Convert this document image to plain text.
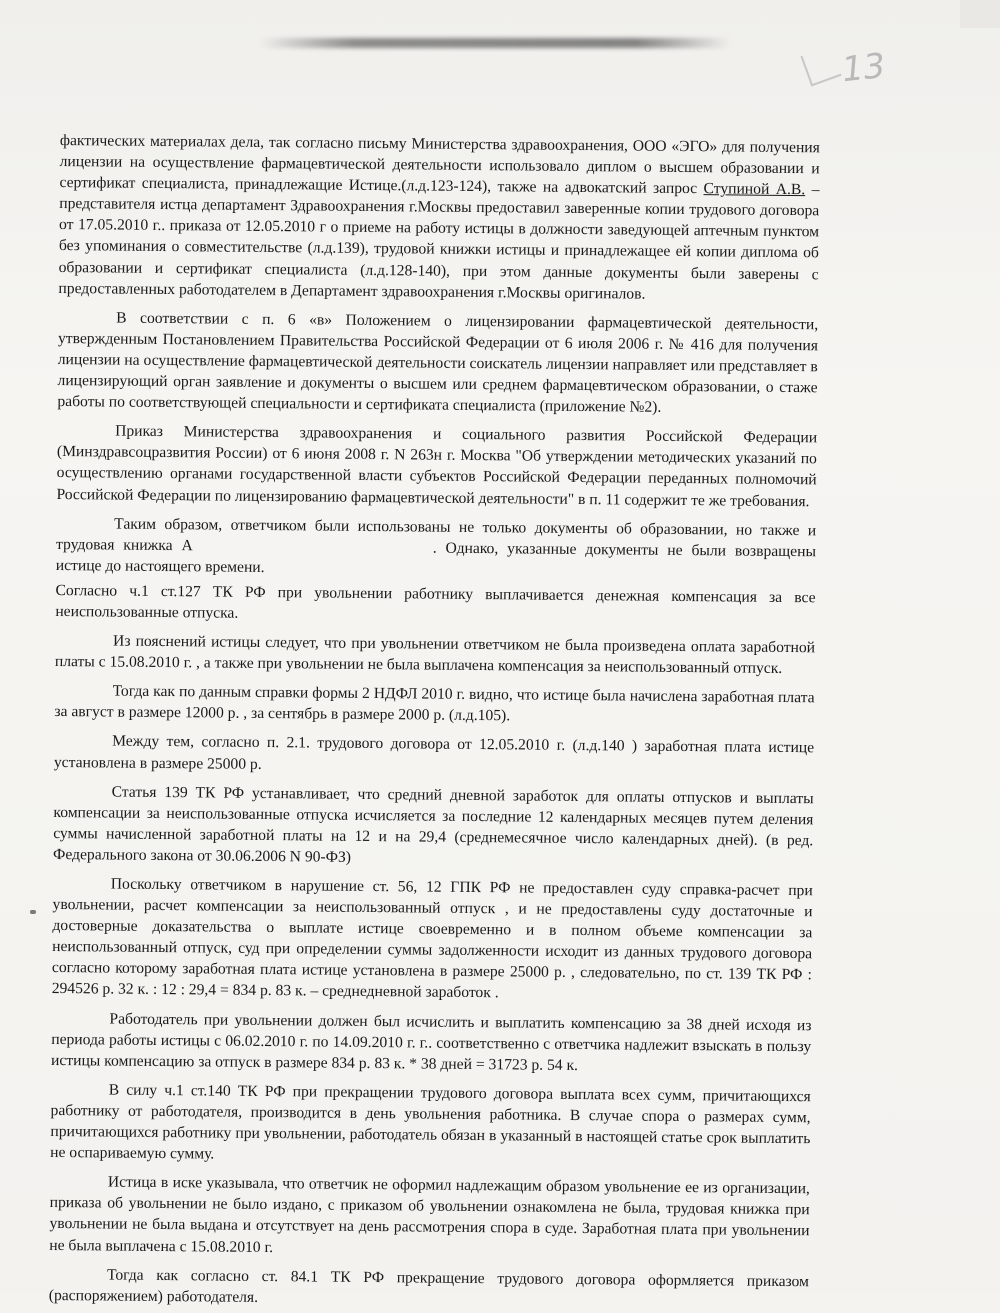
13

фактических материалах дела, так согласно письму Министерства здравоохранения, ООО «ЭГО» для получения лицензии на осуществление фармацевтической деятельности использовало диплом о высшем образовании и сертификат специалиста, принадлежащие Истице.(л.д.123-124), также на адвокатский запрос Ступиной А.В. – представителя истца департамент Здравоохранения г.Москвы предоставил заверенные копии трудового договора от 17.05.2010 г.. приказа от 12.05.2010 г о приеме на работу истицы в должности заведующей аптечным пунктом без упоминания о совместительстве (л.д.139), трудовой книжки истицы и принадлежащее ей копии диплома об образовании и сертификат специалиста (л.д.128-140), при этом данные документы были заверены с предоставленных работодателем в Департамент здравоохранения г.Москвы оригиналов.

В соответствии с п. 6 «в» Положением о лицензировании фармацевтической деятельности, утвержденным Постановлением Правительства Российской Федерации от 6 июля 2006 г. № 416 для получения лицензии на осуществление фармацевтической деятельности соискатель лицензии направляет или представляет в лицензирующий орган заявление и документы о высшем или среднем фармацевтическом образовании, о стаже работы по соответствующей специальности и сертификата специалиста (приложение №2).

Приказ Министерства здравоохранения и социального развития Российской Федерации (Минздравсоцразвития России) от 6 июня 2008 г. N 263н г. Москва "Об утверждении методических указаний по осуществлению органами государственной власти субъектов Российской Федерации переданных полномочий Российской Федерации по лицензированию фармацевтической деятельности" в п. 11 содержит те же требования.

Таким образом, ответчиком были использованы не только документы об образовании, но также и трудовая книжка А	. Однако, указанные документы не были возвращены истице до настоящего времени.

Согласно ч.1 ст.127 ТК РФ при увольнении работнику выплачивается денежная компенсация за все неиспользованные отпуска.

Из пояснений истицы следует, что при увольнении ответчиком не была произведена оплата заработной платы с 15.08.2010 г. , а также при увольнении не была выплачена компенсация за неиспользованный отпуск.

Тогда как по данным справки формы 2 НДФЛ 2010 г. видно, что истице была начислена заработная плата за август в размере 12000 р. , за сентябрь в размере 2000 р. (л.д.105).

Между тем, согласно п. 2.1. трудового договора от 12.05.2010 г. (л.д.140 ) заработная плата истице установлена в размере 25000 р.

Статья 139 ТК РФ устанавливает, что средний дневной заработок для оплаты отпусков и выплаты компенсации за неиспользованные отпуска исчисляется за последние 12 календарных месяцев путем деления суммы начисленной заработной платы на 12 и на 29,4 (среднемесячное число календарных дней). (в ред. Федерального закона от 30.06.2006 N 90-ФЗ)

Поскольку ответчиком в нарушение ст. 56, 12 ГПК РФ не предоставлен суду справка-расчет при увольнении, расчет компенсации за неиспользованный отпуск , и не предоставлены суду достаточные и достоверные доказательства о выплате истице своевременно и в полном объеме компенсации за неиспользованный отпуск, суд при определении суммы задолженности исходит из данных трудового договора согласно которому заработная плата истице установлена в размере 25000 р. , следовательно, по ст. 139 ТК РФ : 294526 р. 32 к. : 12 : 29,4 = 834 р. 83 к. – среднедневной заработок .

Работодатель при увольнении должен был исчислить и выплатить компенсацию за 38 дней исходя из периода работы истицы с 06.02.2010 г. по 14.09.2010 г. г.. соответственно с ответчика надлежит взыскать в пользу истицы компенсацию за отпуск в размере 834 р. 83 к. * 38 дней = 31723 р. 54 к.

В силу ч.1 ст.140 ТК РФ при прекращении трудового договора выплата всех сумм, причитающихся работнику от работодателя, производится в день увольнения работника. В случае спора о размерах сумм, причитающихся работнику при увольнении, работодатель обязан в указанный в настоящей статье срок выплатить не оспариваемую сумму.

Истица в иске указывала, что ответчик не оформил надлежащим образом увольнение ее из организации, приказа об увольнении не было издано, с приказом об увольнении ознакомлена не была, трудовая книжка при увольнении не была выдана и отсутствует на день рассмотрения спора в суде. Заработная плата при увольнении не была выплачена с 15.08.2010 г.

Тогда как согласно ст. 84.1 ТК РФ прекращение трудового договора оформляется приказом (распоряжением) работодателя.
